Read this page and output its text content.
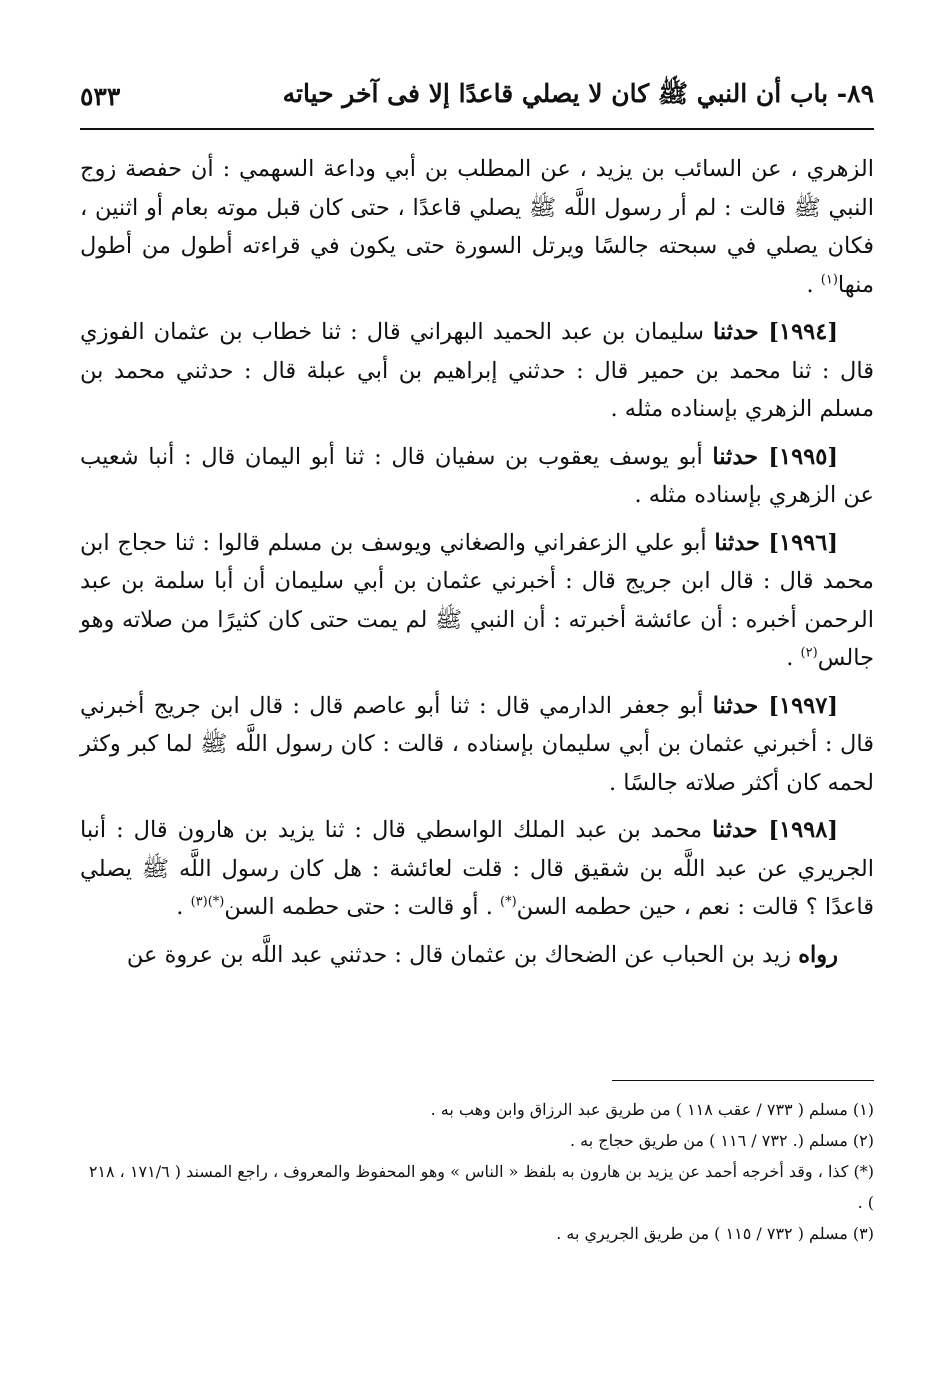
٨٩- باب أن النبي ﷺ كان لا يصلي قاعدًا إلا فى آخر حياته
٥٣٣

الزهري ، عن السائب بن يزيد ، عن المطلب بن أبي وداعة السهمي : أن حفصة زوج النبي ﷺ قالت : لم أر رسول اللَّه ﷺ يصلي قاعدًا ، حتى كان قبل موته بعام أو اثنين ، فكان يصلي في سبحته جالسًا ويرتل السورة حتى يكون في قراءته أطول من أطول منها$^{(١)}$ .

[١٩٩٤] حدثنا سليمان بن عبد الحميد البهراني قال : ثنا خطاب بن عثمان الفوزي قال : ثنا محمد بن حمير قال : حدثني إبراهيم بن أبي عبلة قال : حدثني محمد بن مسلم الزهري بإسناده مثله .

[١٩٩٥] حدثنا أبو يوسف يعقوب بن سفيان قال : ثنا أبو اليمان قال : أنبا شعيب عن الزهري بإسناده مثله .

[١٩٩٦] حدثنا أبو علي الزعفراني والصغاني ويوسف بن مسلم قالوا : ثنا حجاج ابن محمد قال : قال ابن جريج قال : أخبرني عثمان بن أبي سليمان أن أبا سلمة بن عبد الرحمن أخبره : أن عائشة أخبرته : أن النبي ﷺ لم يمت حتى كان كثيرًا من صلاته وهو جالس$^{(٢)}$ .

[١٩٩٧] حدثنا أبو جعفر الدارمي قال : ثنا أبو عاصم قال : قال ابن جريج أخبرني قال : أخبرني عثمان بن أبي سليمان بإسناده ، قالت : كان رسول اللَّه ﷺ لما كبر وكثر لحمه كان أكثر صلاته جالسًا .

[١٩٩٨] حدثنا محمد بن عبد الملك الواسطي قال : ثنا يزيد بن هارون قال : أنبا الجريري عن عبد اللَّه بن شقيق قال : قلت لعائشة : هل كان رسول اللَّه ﷺ يصلي قاعدًا ؟ قالت : نعم ، حين حطمه السن(*) . أو قالت : حتى حطمه السن$^{(*)(٣)}$ .

رواه زيد بن الحباب عن الضحاك بن عثمان قال : حدثني عبد اللَّه بن عروة عن

(١) مسلم ( ٧٣٣ / عقب ١١٨ ) من طريق عبد الرزاق وابن وهب به .

(٢) مسلم (. ٧٣٢ / ١١٦ ) من طريق حجاج به .

(*) كذا ، وقد أخرجه أحمد عن يزيد بن هارون به بلفظ « الناس » وهو المحفوظ والمعروف ، راجع المسند ( ١٧١/٦ ، ٢١٨ ) .

(٣) مسلم ( ٧٣٢ / ١١٥ ) من طريق الجريري به .
